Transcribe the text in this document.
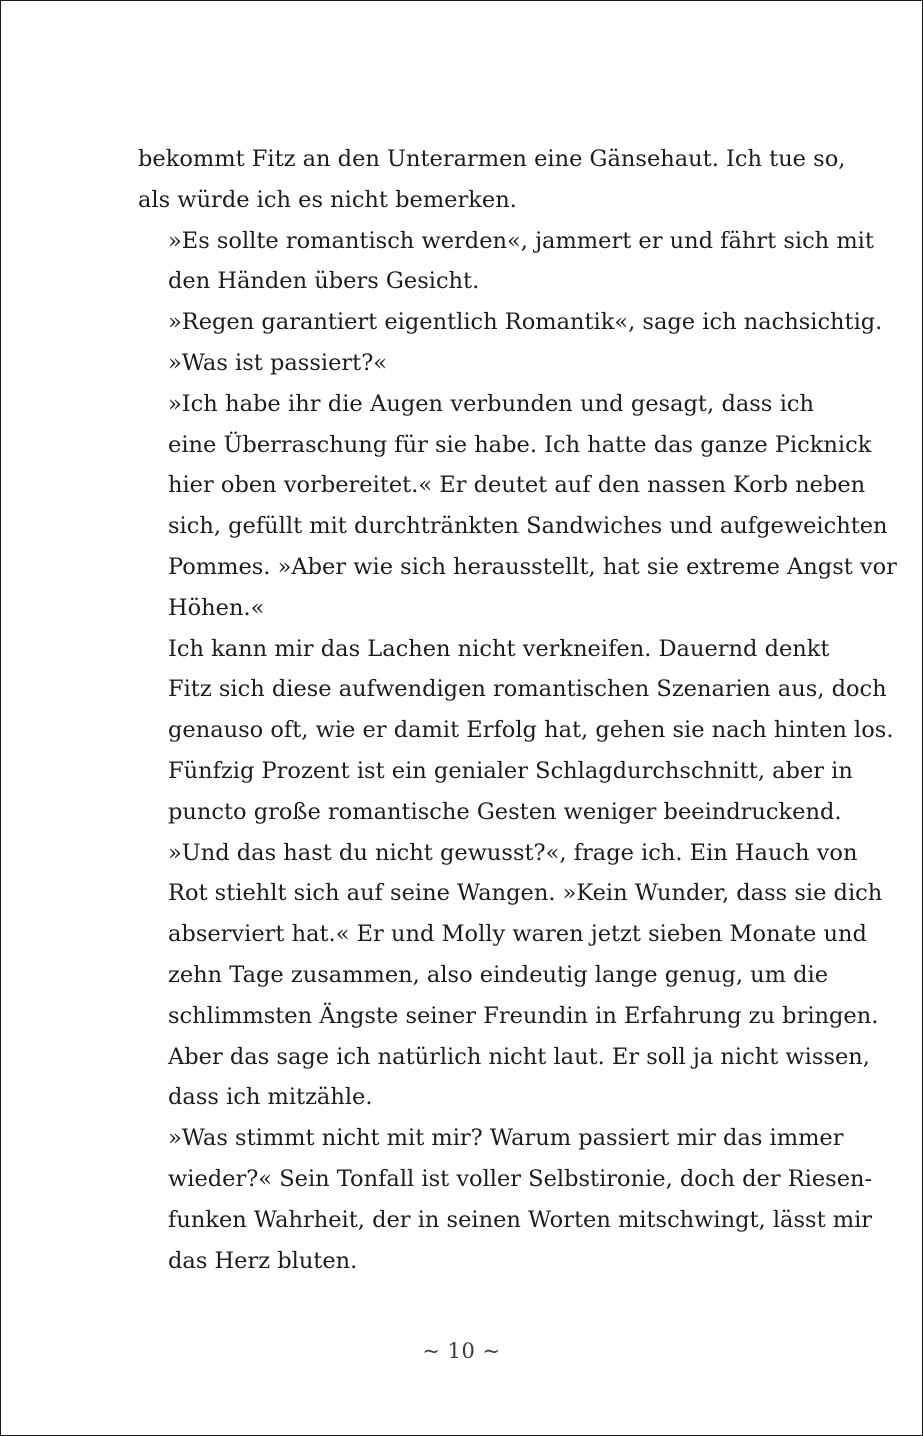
bekommt Fitz an den Unterarmen eine Gänsehaut. Ich tue so,
als würde ich es nicht bemerken.

»Es sollte romantisch werden«, jammert er und fährt sich mit
den Händen übers Gesicht.

»Regen garantiert eigentlich Romantik«, sage ich nachsichtig.
»Was ist passiert?«

»Ich habe ihr die Augen verbunden und gesagt, dass ich
eine Überraschung für sie habe. Ich hatte das ganze Picknick
hier oben vorbereitet.« Er deutet auf den nassen Korb neben
sich, gefüllt mit durchtränkten Sandwiches und aufgeweichten
Pommes. »Aber wie sich herausstellt, hat sie extreme Angst vor
Höhen.«

Ich kann mir das Lachen nicht verkneifen. Dauernd denkt
Fitz sich diese aufwendigen romantischen Szenarien aus, doch
genauso oft, wie er damit Erfolg hat, gehen sie nach hinten los.
Fünfzig Prozent ist ein genialer Schlagdurchschnitt, aber in
puncto große romantische Gesten weniger beeindruckend.

»Und das hast du nicht gewusst?«, frage ich. Ein Hauch von
Rot stiehlt sich auf seine Wangen. »Kein Wunder, dass sie dich
abserviert hat.« Er und Molly waren jetzt sieben Monate und
zehn Tage zusammen, also eindeutig lange genug, um die
schlimmsten Ängste seiner Freundin in Erfahrung zu bringen.
Aber das sage ich natürlich nicht laut. Er soll ja nicht wissen,
dass ich mitzähle.

»Was stimmt nicht mit mir? Warum passiert mir das immer
wieder?« Sein Tonfall ist voller Selbstironie, doch der Riesen-
funken Wahrheit, der in seinen Worten mitschwingt, lässt mir
das Herz bluten.

~ 10 ~
